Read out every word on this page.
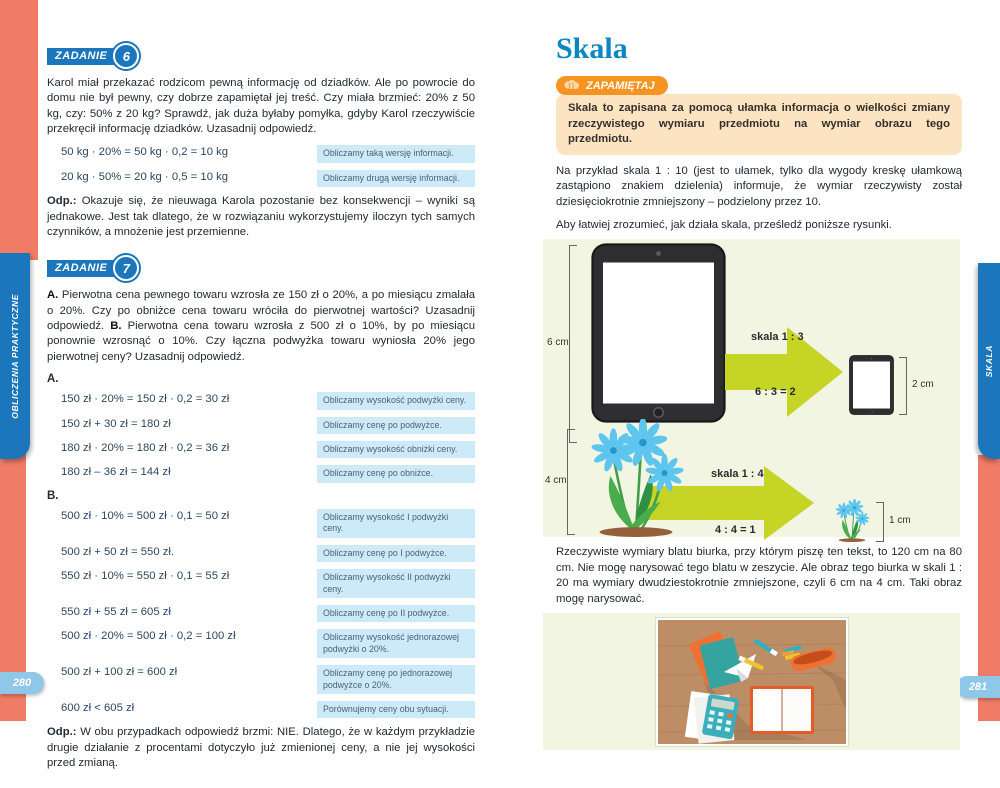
OBLICZENIA PRAKTYCZNE	SKALA
280	281
ZADANIE	6

Karol miał przekazać rodzicom pewną informację od dziadków. Ale po powrocie do domu nie był pewny, czy dobrze zapamiętał jej treść. Czy miała brzmieć: 20% z 50 kg, czy: 50% z 20 kg? Sprawdź, jak duża byłaby pomyłka, gdyby Karol rzeczywiście przekręcił informację dziadków. Uzasadnij odpowiedź.

50 kg · 20% = 50 kg · 0,2 = 10 kg	Obliczamy taką wersję informacji.
20 kg · 50% = 20 kg · 0,5 = 10 kg	Obliczamy drugą wersję informacji.

Odp.: Okazuje się, że nieuwaga Karola pozostanie bez konsekwencji – wyniki są jednakowe. Jest tak dlatego, że w rozwiązaniu wykorzystujemy iloczyn tych samych czynników, a mnożenie jest przemienne.

ZADANIE	7

A. Pierwotna cena pewnego towaru wzrosła ze 150 zł o 20%, a po miesiącu zmalała o 20%. Czy po obniżce cena towaru wróciła do pierwotnej wartości? Uzasadnij odpowiedź. B. Pierwotna cena towaru wzrosła z 500 zł o 10%, by po miesiącu ponownie wzrosnąć o 10%. Czy łączna podwyżka towaru wyniosła 20% jego pierwotnej ceny? Uzasadnij odpowiedź.

A.
150 zł · 20% = 150 zł · 0,2 = 30 zł	Obliczamy wysokość podwyżki ceny.
150 zł + 30 zł = 180 zł	Obliczamy cenę po podwyżce.
180 zł · 20% = 180 zł · 0,2 = 36 zł	Obliczamy wysokość obniżki ceny.
180 zł – 36 zł = 144 zł	Obliczamy cenę po obniżce.
B.
500 zł · 10% = 500 zł · 0,1 = 50 zł	Obliczamy wysokość I podwyżki ceny.
500 zł + 50 zł = 550 zł.	Obliczamy cenę po I podwyżce.
550 zł · 10% = 550 zł · 0,1 = 55 zł	Obliczamy wysokość II podwyżki ceny.
550 zł + 55 zł = 605 zł	Obliczamy cenę po II podwyżce.
500 zł · 20% = 500 zł · 0,2 = 100 zł	Obliczamy wysokość jednorazowej podwyżki o 20%.
500 zł + 100 zł = 600 zł	Obliczamy cenę po jednorazowej podwyżce o 20%.
600 zł < 605 zł	Porównujemy ceny obu sytuacji.

Odp.: W obu przypadkach odpowiedź brzmi: NIE. Dlatego, że w każdym przykładzie drugie działanie z procentami dotyczyło już zmienionej ceny, a nie jej wysokości przed zmianą.

Skala
ZAPAMIĘTAJ
Skala to zapisana za pomocą ułamka informacja o wielkości zmiany rzeczywistego wymiaru przedmiotu na wymiar obrazu tego przedmiotu.

Na przykład skala 1 : 10 (jest to ułamek, tylko dla wygody kreskę ułamkową zastąpiono znakiem dzielenia) informuje, że wymiar rzeczywisty został dziesięciokrotnie zmniejszony – podzielony przez 10.

Aby łatwiej zrozumieć, jak działa skala, prześledź poniższe rysunki.

6 cm	skala 1 : 3
6 : 3 = 2
2 cm
4 cm
skala 1 : 4
4 : 4 = 1
1 cm

Rzeczywiste wymiary blatu biurka, przy którym piszę ten tekst, to 120 cm na 80 cm. Nie mogę narysować tego blatu w zeszycie. Ale obraz tego biurka w skali 1 : 20 ma wymiary dwudziestokrotnie zmniejszone, czyli 6 cm na 4 cm. Taki obraz mogę narysować.
